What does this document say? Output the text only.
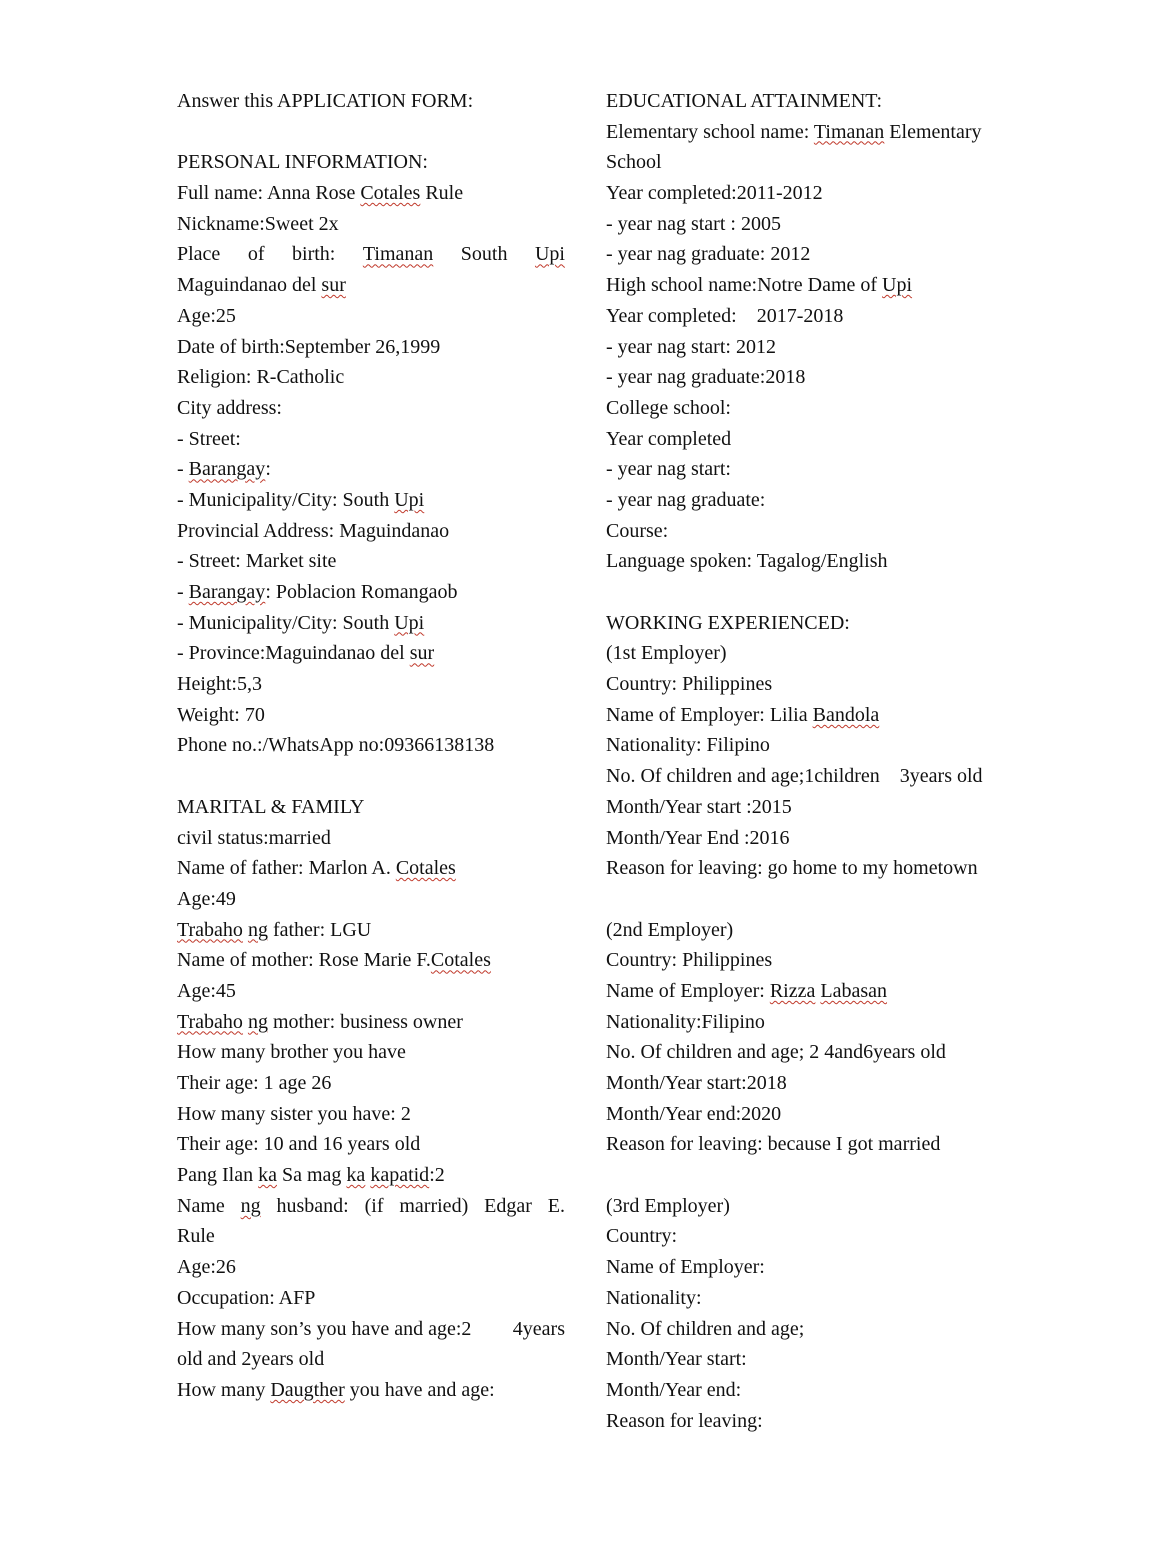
Answer this APPLICATION FORM:
PERSONAL INFORMATION:
Full name: Anna Rose Cotales Rule
Nickname:Sweet 2x
Place of birth: Timanan South Upi
Maguindanao del sur
Age:25
Date of birth:September 26,1999
Religion: R-Catholic
City address:
- Street:
- Barangay:
- Municipality/City: South Upi
Provincial Address: Maguindanao
- Street: Market site
- Barangay: Poblacion Romangaob
- Municipality/City: South Upi
- Province:Maguindanao del sur
Height:5,3
Weight: 70
Phone no.:/WhatsApp no:09366138138
MARITAL & FAMILY
civil status:married
Name of father: Marlon A. Cotales
Age:49
Trabaho ng father: LGU
Name of mother: Rose Marie F.Cotales
Age:45
Trabaho ng mother: business owner
How many brother you have
Their age: 1 age 26
How many sister you have: 2
Their age: 10 and 16 years old
Pang Ilan ka Sa mag ka kapatid:2
Name ng husband: (if married) Edgar E.
Rule
Age:26
Occupation: AFP
How many son’s you have and age:2 4years
old and 2years old
How many Daugther you have and age:
EDUCATIONAL ATTAINMENT:
Elementary school name: Timanan Elementary
School
Year completed:2011-2012
- year nag start : 2005
- year nag graduate: 2012
High school name:Notre Dame of Upi
Year completed:    2017-2018
- year nag start: 2012
- year nag graduate:2018
College school:
Year completed
- year nag start:
- year nag graduate:
Course:
Language spoken: Tagalog/English
WORKING EXPERIENCED:
(1st Employer)
Country: Philippines
Name of Employer: Lilia Bandola
Nationality: Filipino
No. Of children and age;1children    3years old
Month/Year start :2015
Month/Year End :2016
Reason for leaving: go home to my hometown
(2nd Employer)
Country: Philippines
Name of Employer: Rizza Labasan
Nationality:Filipino
No. Of children and age; 2 4and6years old
Month/Year start:2018
Month/Year end:2020
Reason for leaving: because I got married
(3rd Employer)
Country:
Name of Employer:
Nationality:
No. Of children and age;
Month/Year start:
Month/Year end:
Reason for leaving:
